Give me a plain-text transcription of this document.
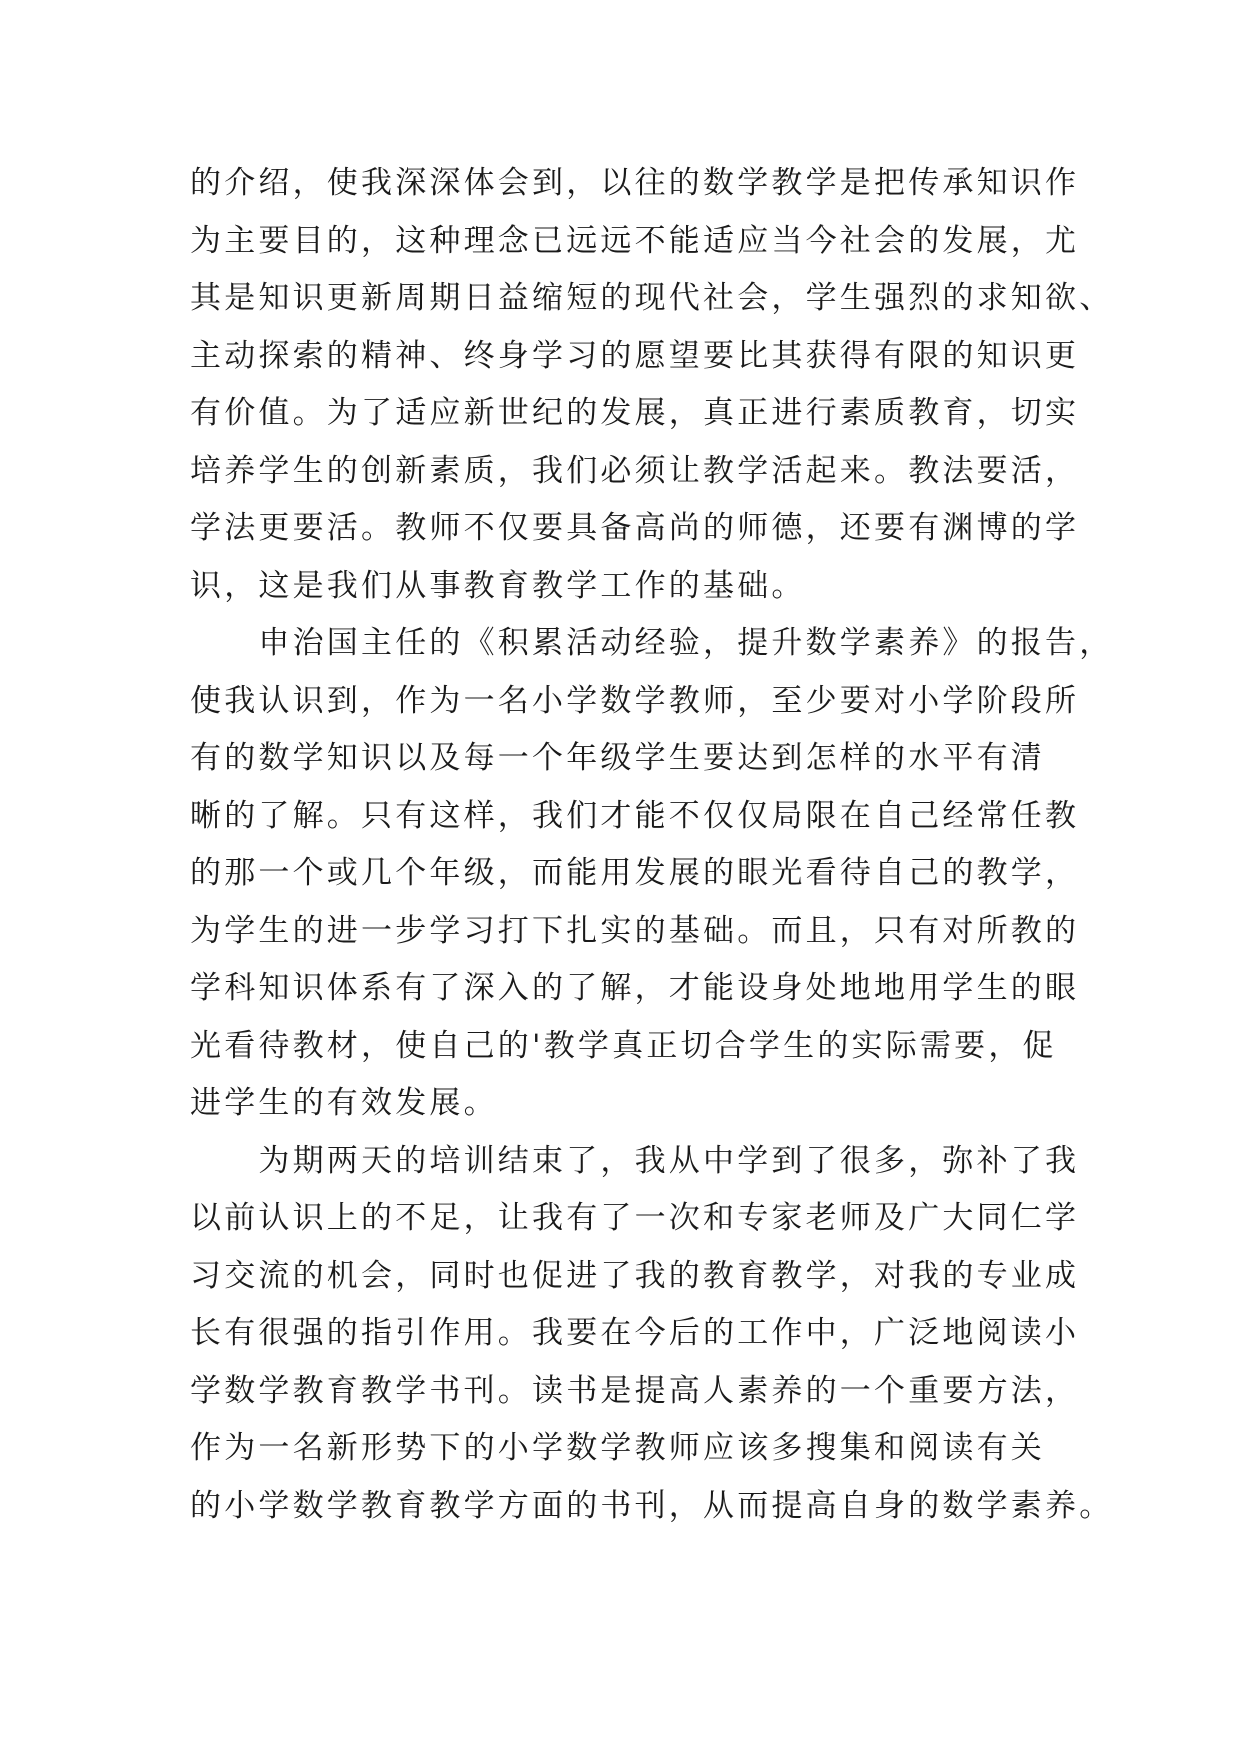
的介绍，使我深深体会到，以往的数学教学是把传承知识作
为主要目的，这种理念已远远不能适应当今社会的发展，尤
其是知识更新周期日益缩短的现代社会，学生强烈的求知欲、
主动探索的精神、终身学习的愿望要比其获得有限的知识更
有价值。为了适应新世纪的发展，真正进行素质教育，切实
培养学生的创新素质，我们必须让教学活起来。教法要活，
学法更要活。教师不仅要具备高尚的师德，还要有渊博的学
识，这是我们从事教育教学工作的基础。
　　申治国主任的《积累活动经验，提升数学素养》的报告，
使我认识到，作为一名小学数学教师，至少要对小学阶段所
有的数学知识以及每一个年级学生要达到怎样的水平有清
晰的了解。只有这样，我们才能不仅仅局限在自己经常任教
的那一个或几个年级，而能用发展的眼光看待自己的教学，
为学生的进一步学习打下扎实的基础。而且，只有对所教的
学科知识体系有了深入的了解，才能设身处地地用学生的眼
光看待教材，使自己的'教学真正切合学生的实际需要，促
进学生的有效发展。
　　为期两天的培训结束了，我从中学到了很多，弥补了我
以前认识上的不足，让我有了一次和专家老师及广大同仁学
习交流的机会，同时也促进了我的教育教学，对我的专业成
长有很强的指引作用。我要在今后的工作中，广泛地阅读小
学数学教育教学书刊。读书是提高人素养的一个重要方法，
作为一名新形势下的小学数学教师应该多搜集和阅读有关
的小学数学教育教学方面的书刊，从而提高自身的数学素养。
